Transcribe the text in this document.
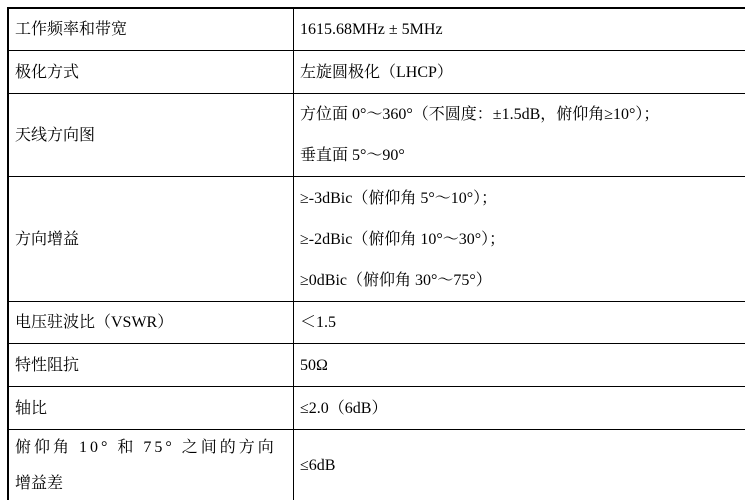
工作频率和带宽	1615.68MHz ± 5MHz

极化方式	左旋圆极化（LHCP）

天线方向图	方位面 0°～360°（不圆度：±1.5dB，俯仰角≥10°）；
垂直面 5°～90°

方向增益	≥-3dBic（俯仰角 5°～10°）；
≥-2dBic（俯仰角 10°～30°）；
≥0dBic（俯仰角 30°～75°）

电压驻波比（VSWR）	＜1.5

特性阻抗	50Ω

轴比	≤2.0（6dB）

俯仰角 10° 和 75° 之间的方向
增益差	≤6dB
